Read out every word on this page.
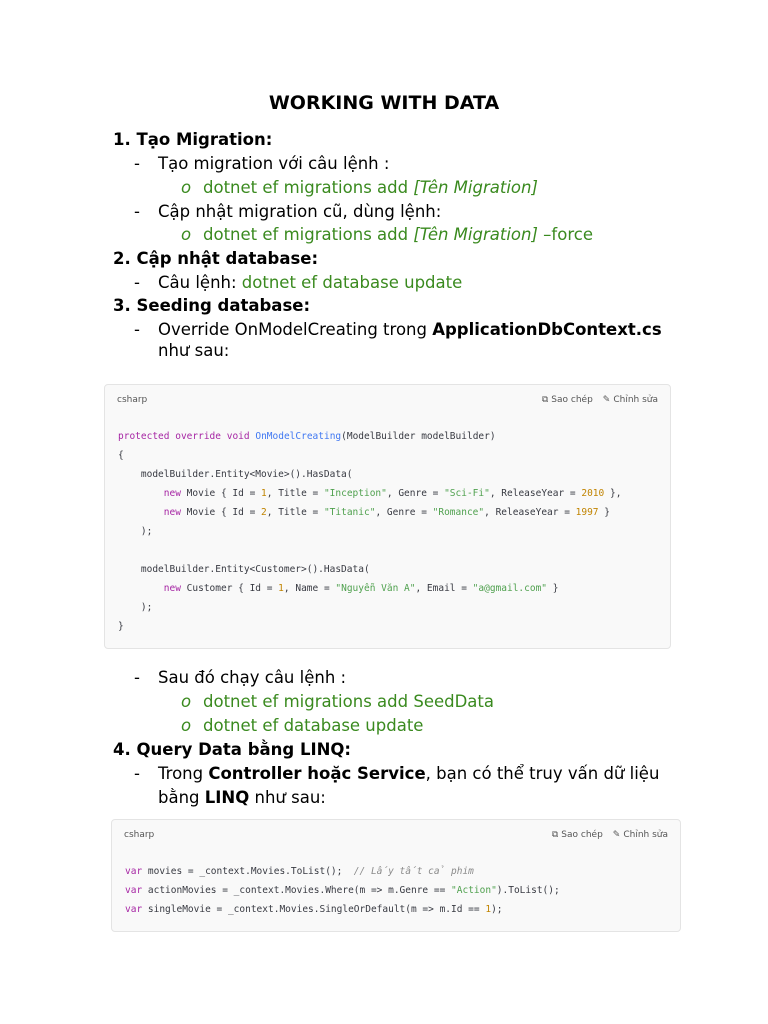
WORKING WITH DATA
1. Tạo Migration:
- Tạo migration với câu lệnh :
o dotnet ef migrations add [Tên Migration]
- Cập nhật migration cũ, dùng lệnh:
o dotnet ef migrations add [Tên Migration] –force
2. Cập nhật database:
- Câu lệnh: dotnet ef database update
3. Seeding database:
- Override OnModelCreating trong ApplicationDbContext.cs
như sau:
csharp	⧉ Sao chép ✎ Chỉnh sửa
protected override void OnModelCreating(ModelBuilder modelBuilder)
{
modelBuilder.Entity<Movie>().HasData(
new Movie { Id = 1, Title = "Inception", Genre = "Sci-Fi", ReleaseYear = 2010 },
new Movie { Id = 2, Title = "Titanic", Genre = "Romance", ReleaseYear = 1997 }
);

modelBuilder.Entity<Customer>().HasData(
new Customer { Id = 1, Name = "Nguyễn Văn A", Email = "a@gmail.com" }
);
}
- Sau đó chạy câu lệnh :
o dotnet ef migrations add SeedData
o dotnet ef database update
4. Query Data bằng LINQ:
- Trong Controller hoặc Service, bạn có thể truy vấn dữ liệu
bằng LINQ như sau:
csharp	⧉ Sao chép ✎ Chỉnh sửa
var movies = _context.Movies.ToList();  // Lấy tất cả phim
var actionMovies = _context.Movies.Where(m => m.Genre == "Action").ToList();
var singleMovie = _context.Movies.SingleOrDefault(m => m.Id == 1);
